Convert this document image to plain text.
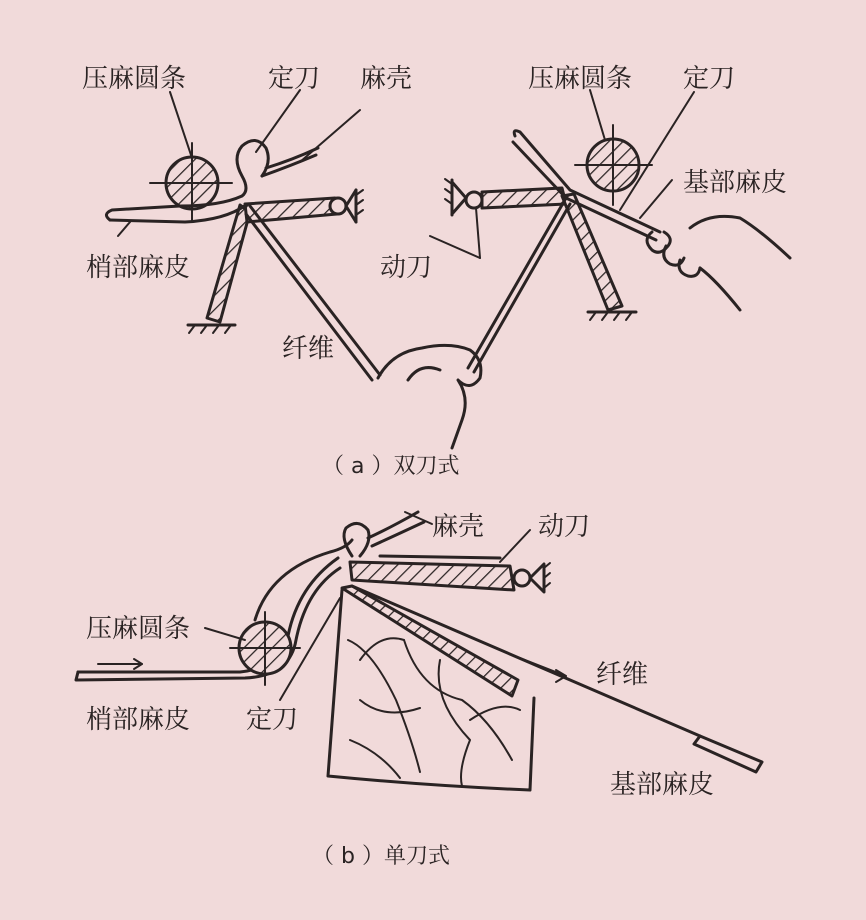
压麻圆条	定刀 麻壳
梢部麻皮
压麻圆条 定刀
基部麻皮
动刀
纤维
（ a ）双刀式
麻壳 动刀
压麻圆条
纤维
梢部麻皮 定刀
基部麻皮
（ b ）单刀式
